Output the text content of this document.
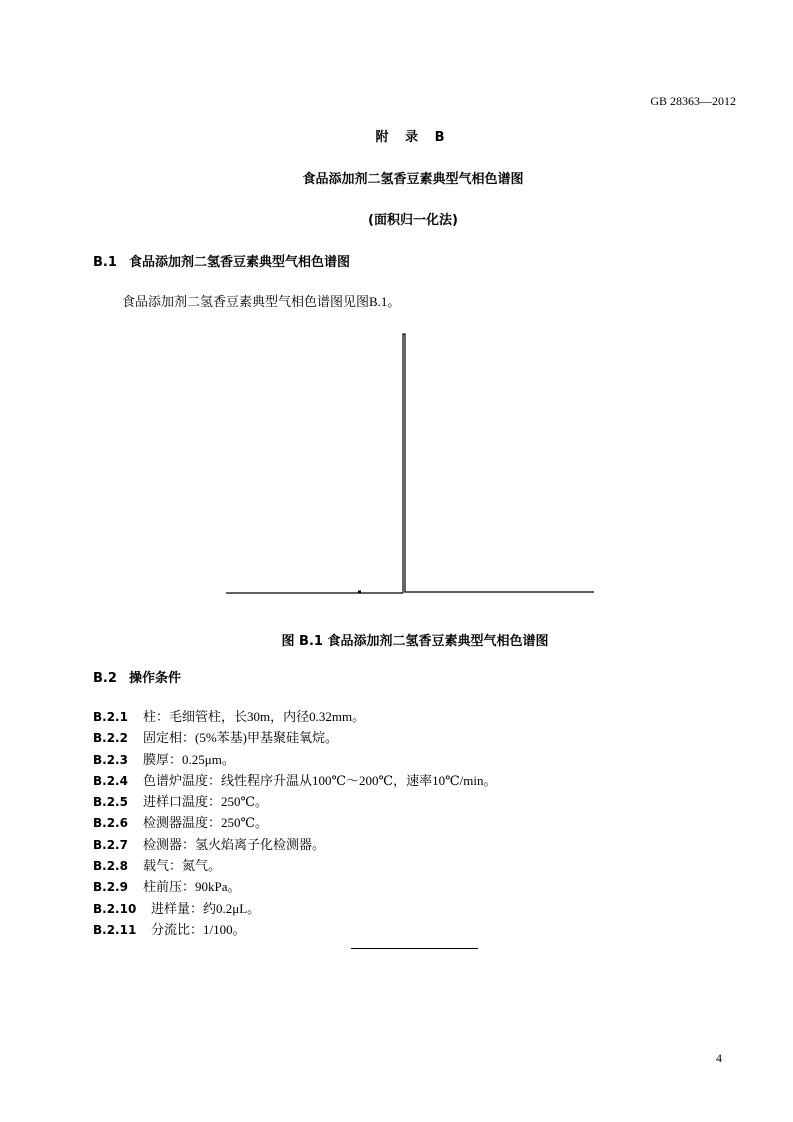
GB 28363—2012
附 录 B
食品添加剂二氢香豆素典型气相色谱图
(面积归一化法)
B.1 食品添加剂二氢香豆素典型气相色谱图
食品添加剂二氢香豆素典型气相色谱图见图B.1。
图 B.1 食品添加剂二氢香豆素典型气相色谱图
B.2 操作条件
B.2.1 柱：毛细管柱，长30m，内径0.32mm。
B.2.2 固定相：(5%苯基)甲基聚硅氧烷。
B.2.3 膜厚：0.25μm。
B.2.4 色谱炉温度：线性程序升温从100℃～200℃，速率10℃/min。
B.2.5 进样口温度：250℃。
B.2.6 检测器温度：250℃。
B.2.7 检测器：氢火焰离子化检测器。
B.2.8 载气：氮气。
B.2.9 柱前压：90kPa。
B.2.10 进样量：约0.2μL。
B.2.11 分流比：1/100。
4
